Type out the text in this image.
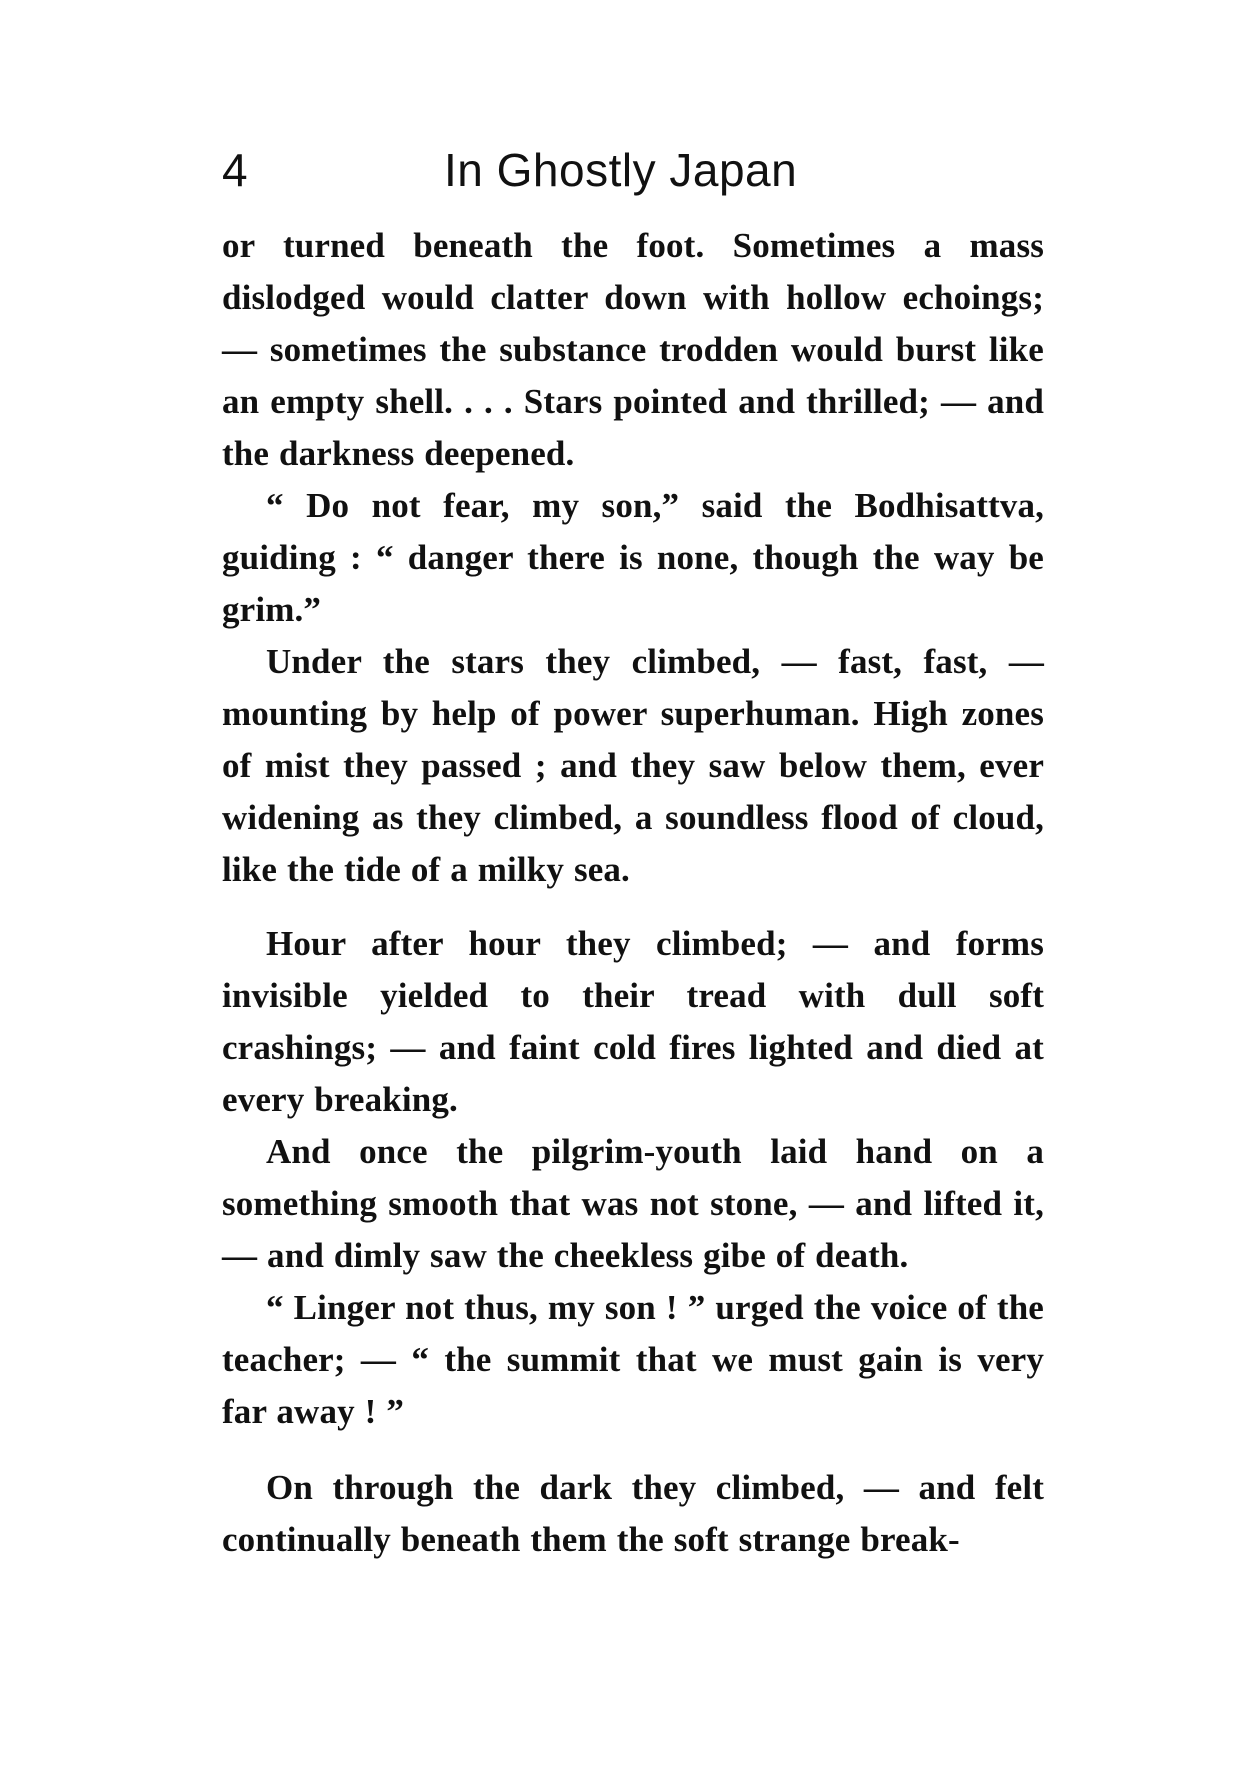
4	In Ghostly Japan

or turned beneath the foot. Sometimes a mass dislodged would clatter down with hollow echoings; — sometimes the substance trodden would burst like an empty shell. . . . Stars pointed and thrilled; — and the darkness deepened.

“ Do not fear, my son,” said the Bodhisattva, guiding : “ danger there is none, though the way be grim.”

Under the stars they climbed, — fast, fast, — mounting by help of power superhuman. High zones of mist they passed ; and they saw below them, ever widening as they climbed, a soundless flood of cloud, like the tide of a milky sea.

Hour after hour they climbed; — and forms invisible yielded to their tread with dull soft crashings; — and faint cold fires lighted and died at every breaking.

And once the pilgrim-youth laid hand on a something smooth that was not stone, — and lifted it, — and dimly saw the cheekless gibe of death.

“ Linger not thus, my son ! ” urged the voice of the teacher; — “ the summit that we must gain is very far away ! ”

On through the dark they climbed, — and felt continually beneath them the soft strange break-
